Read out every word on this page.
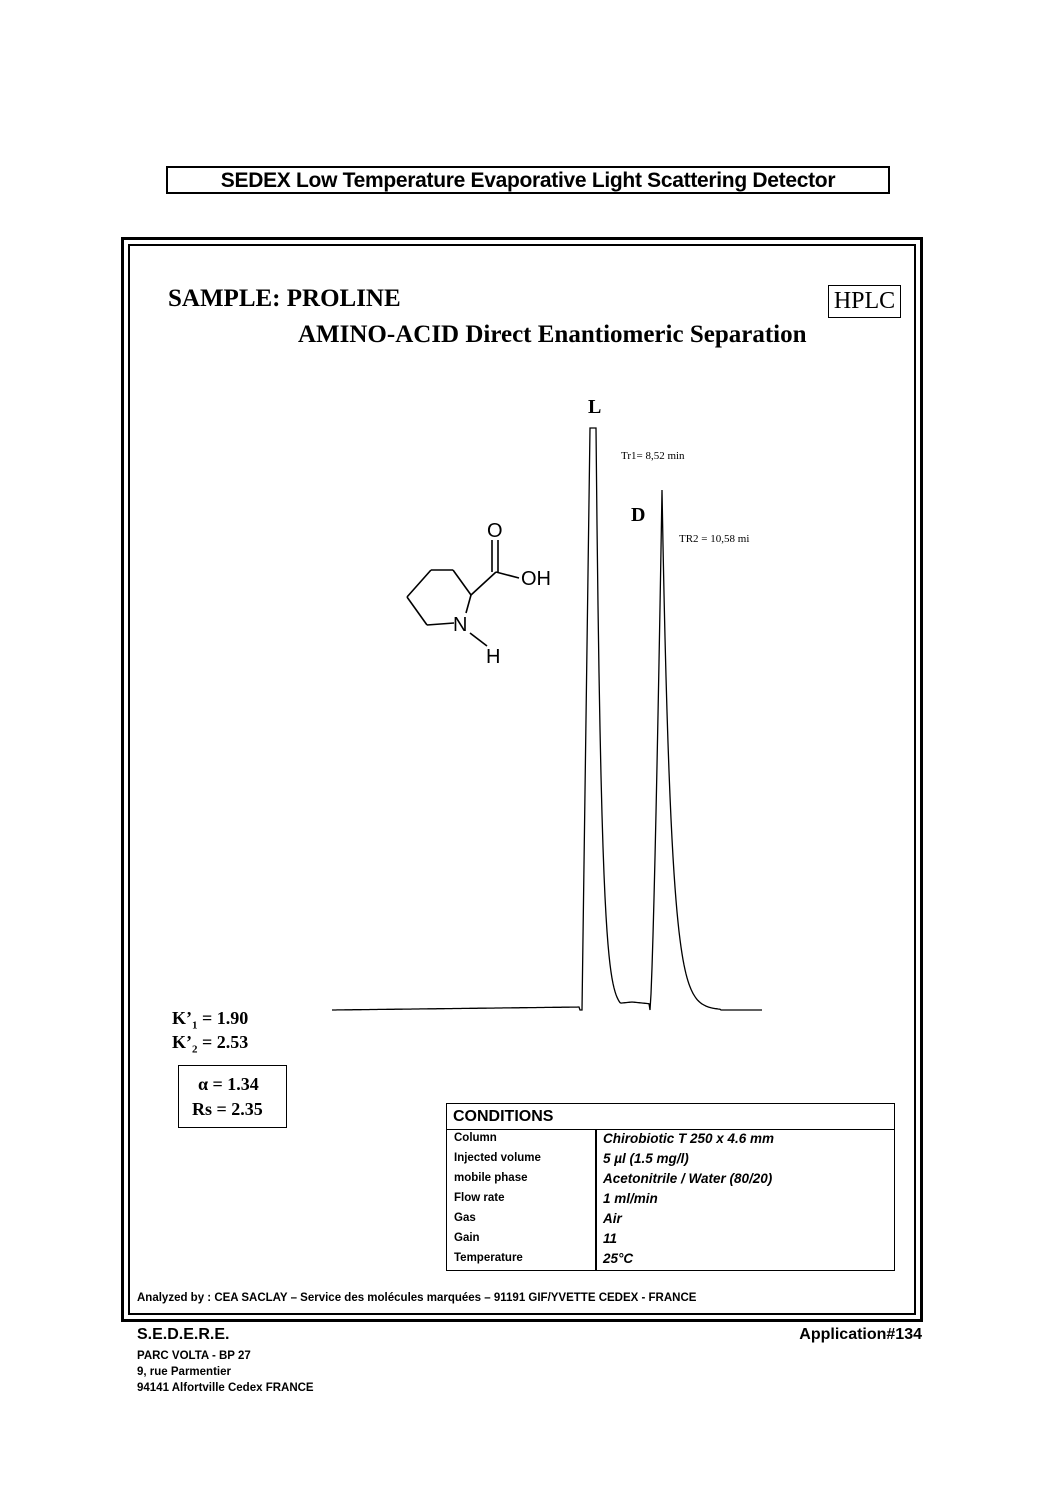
SEDEX Low Temperature Evaporative Light Scattering Detector
SAMPLE: PROLINE
AMINO-ACID Direct Enantiomeric Separation
HPLC
O
OH
N
H
L
Tr1= 8,52 min
D
TR2 = 10,58 mi
$K’_1 = 1.90$
$K’_2 = 2.53$
α = 1.34
Rs = 2.35	CONDITIONS
Column	Chirobiotic T 250 x 4.6 mm
Injected volume	5 µl (1.5 mg/l)
mobile phase	Acetonitrile / Water (80/20)
Flow rate	1 ml/min
Gas	Air
Gain	11
Temperature	25°C
Analyzed by : CEA SACLAY – Service des molécules marquées – 91191 GIF/YVETTE CEDEX - FRANCE
S.E.D.E.R.E.	Application#134
PARC VOLTA - BP 27
9, rue Parmentier
94141 Alfortville Cedex FRANCE
